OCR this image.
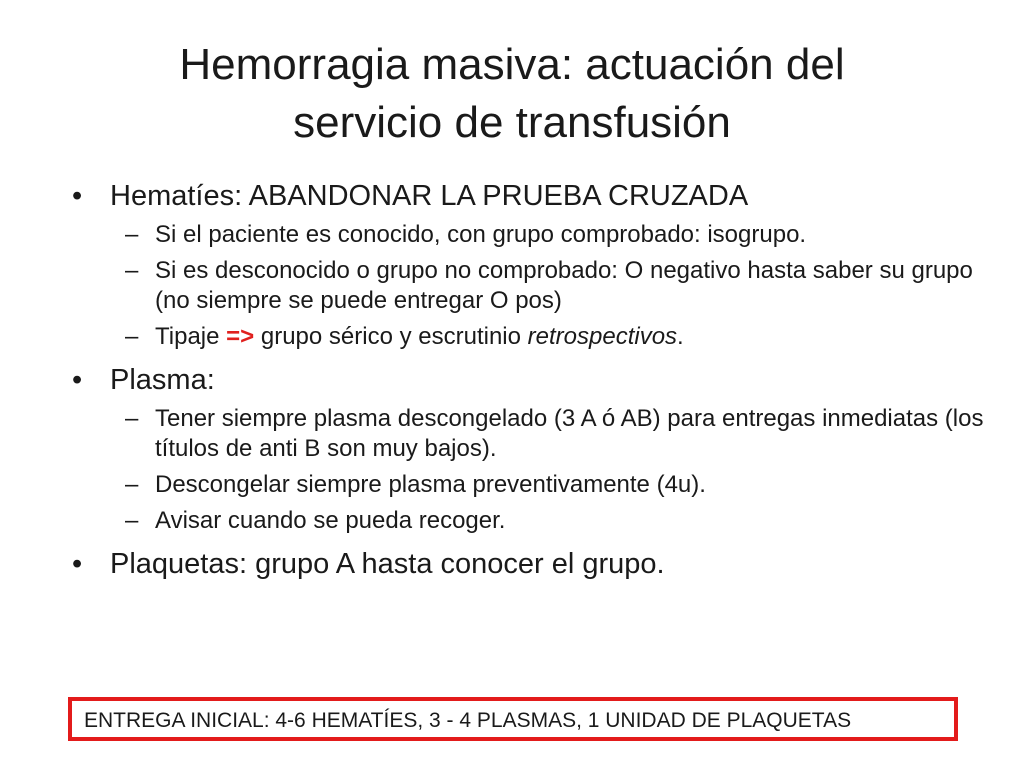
Hemorragia masiva: actuación del
servicio de transfusión
• Hematíes: ABANDONAR LA PRUEBA CRUZADA
– Si el paciente es conocido, con grupo comprobado: isogrupo.
– Si es desconocido o grupo no comprobado: O negativo hasta saber su grupo (no siempre se puede entregar O pos)
– Tipaje => grupo sérico y escrutinio retrospectivos.
• Plasma:
– Tener siempre plasma descongelado (3 A ó AB) para entregas inmediatas (los títulos de anti B son muy bajos).
– Descongelar siempre plasma preventivamente (4u).
– Avisar cuando se pueda recoger.
• Plaquetas: grupo A hasta conocer el grupo.
ENTREGA INICIAL: 4-6 HEMATÍES, 3 - 4 PLASMAS, 1 UNIDAD DE PLAQUETAS
